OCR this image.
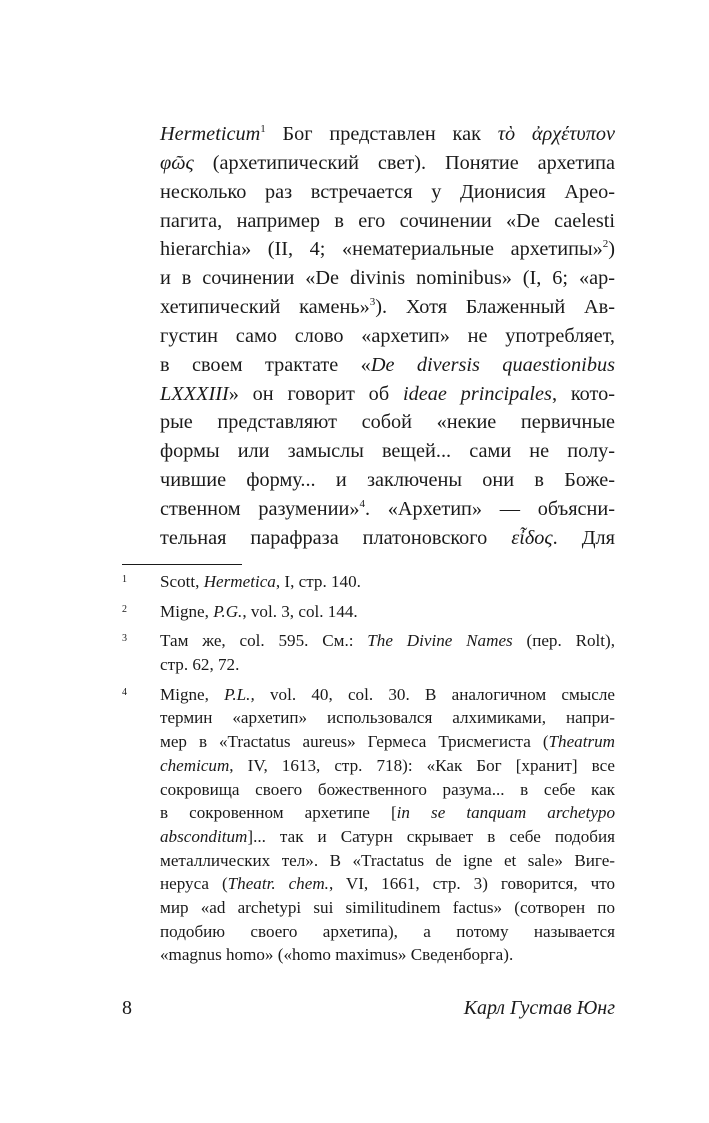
Hermeticum$^1$ Бог представлен как τὸ ἀρχέτυπον
φῶς (архетипический свет). Понятие архетипа
несколько раз встречается у Дионисия Арео-
пагита, например в его сочинении «De caelesti
hierarchia» (II, 4; «нематериальные архетипы»$^2$)
и в сочинении «De divinis nominibus» (I, 6; «ар-
хетипический камень»$^3$). Хотя Блаженный Ав-
густин само слово «архетип» не употребляет,
в своем трактате «De diversis quaestionibus
LXXXIII» он говорит об ideae principales, кото-
рые представляют собой «некие первичные
формы или замыслы вещей... сами не полу-
чившие форму... и заключены они в Боже-
ственном разумении»$^4$. «Архетип» — объясни-
тельная парафраза платоновского εἶδος. Для
1 Scott, Hermetica, I, стр. 140.
2 Migne, P.G., vol. 3, col. 144.
3 Там же, col. 595. См.: The Divine Names (пер. Rolt),
стр. 62, 72.
4 Migne, P.L., vol. 40, col. 30. В аналогичном смысле
термин «архетип» использовался алхимиками, напри-
мер в «Tractatus aureus» Гермеса Трисмегиста (Theatrum
chemicum, IV, 1613, стр. 718): «Как Бог [хранит] все
сокровища своего божественного разума... в себе как
в сокровенном архетипе [in se tanquam archetypo
absconditum]... так и Сатурн скрывает в себе подобия
металлических тел». В «Tractatus de igne et sale» Виге-
неруса (Theatr. chem., VI, 1661, стр. 3) говорится, что
мир «ad archetypi sui similitudinem factus» (сотворен по
подобию своего архетипа), а потому называется
«magnus homo» («homo maximus» Сведенборга).
8	Карл Густав Юнг
